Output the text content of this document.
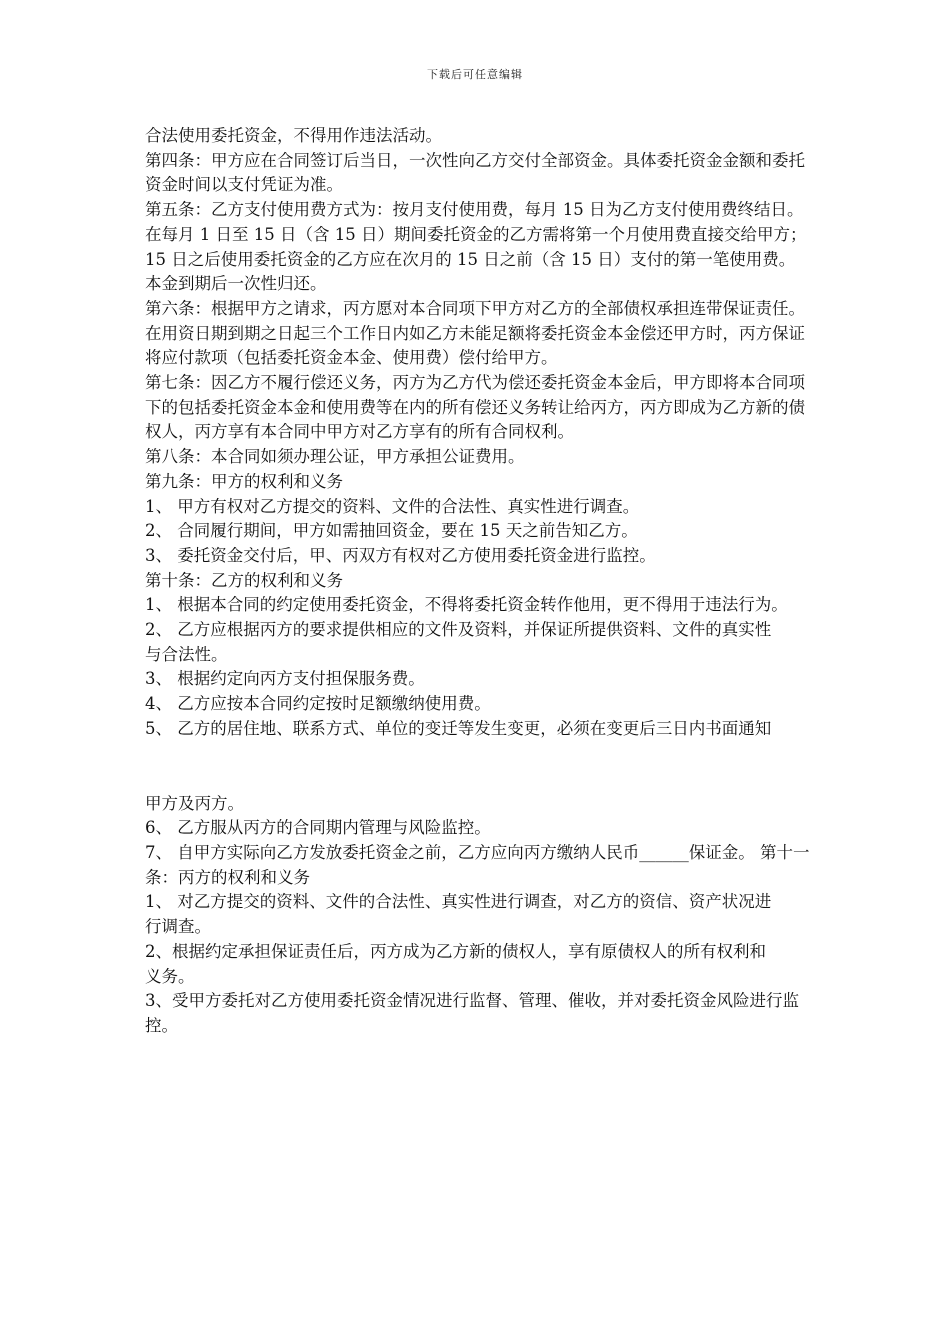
下载后可任意编辑

合法使用委托资金，不得用作违法活动。

第四条：甲方应在合同签订后当日，一次性向乙方交付全部资金。具体委托资金金额和委托资金时间以支付凭证为准。

第五条：乙方支付使用费方式为：按月支付使用费，每月 15 日为乙方支付使用费终结日。在每月 1 日至 15 日（含 15 日）期间委托资金的乙方需将第一个月使用费直接交给甲方；15 日之后使用委托资金的乙方应在次月的 15 日之前（含 15 日）支付的第一笔使用费。本金到期后一次性归还。

第六条：根据甲方之请求，丙方愿对本合同项下甲方对乙方的全部债权承担连带保证责任。在用资日期到期之日起三个工作日内如乙方未能足额将委托资金本金偿还甲方时，丙方保证将应付款项（包括委托资金本金、使用费）偿付给甲方。

第七条：因乙方不履行偿还义务，丙方为乙方代为偿还委托资金本金后，甲方即将本合同项下的包括委托资金本金和使用费等在内的所有偿还义务转让给丙方，丙方即成为乙方新的债权人，丙方享有本合同中甲方对乙方享有的所有合同权利。

第八条：本合同如须办理公证，甲方承担公证费用。

第九条：甲方的权利和义务

1、 甲方有权对乙方提交的资料、文件的合法性、真实性进行调查。

2、 合同履行期间，甲方如需抽回资金，要在 15 天之前告知乙方。

3、 委托资金交付后，甲、丙双方有权对乙方使用委托资金进行监控。

第十条：乙方的权利和义务

1、 根据本合同的约定使用委托资金，不得将委托资金转作他用，更不得用于违法行为。

2、 乙方应根据丙方的要求提供相应的文件及资料，并保证所提供资料、文件的真实性

与合法性。

3、 根据约定向丙方支付担保服务费。

4、 乙方应按本合同约定按时足额缴纳使用费。

5、 乙方的居住地、联系方式、单位的变迁等发生变更，必须在变更后三日内书面通知

甲方及丙方。

6、 乙方服从丙方的合同期内管理与风险监控。

7、 自甲方实际向乙方发放委托资金之前，乙方应向丙方缴纳人民币______保证金。 第十一条：丙方的权利和义务

1、 对乙方提交的资料、文件的合法性、真实性进行调查，对乙方的资信、资产状况进

行调查。

2、根据约定承担保证责任后，丙方成为乙方新的债权人，享有原债权人的所有权利和

义务。

3、受甲方委托对乙方使用委托资金情况进行监督、管理、催收，并对委托资金风险进行监控。
